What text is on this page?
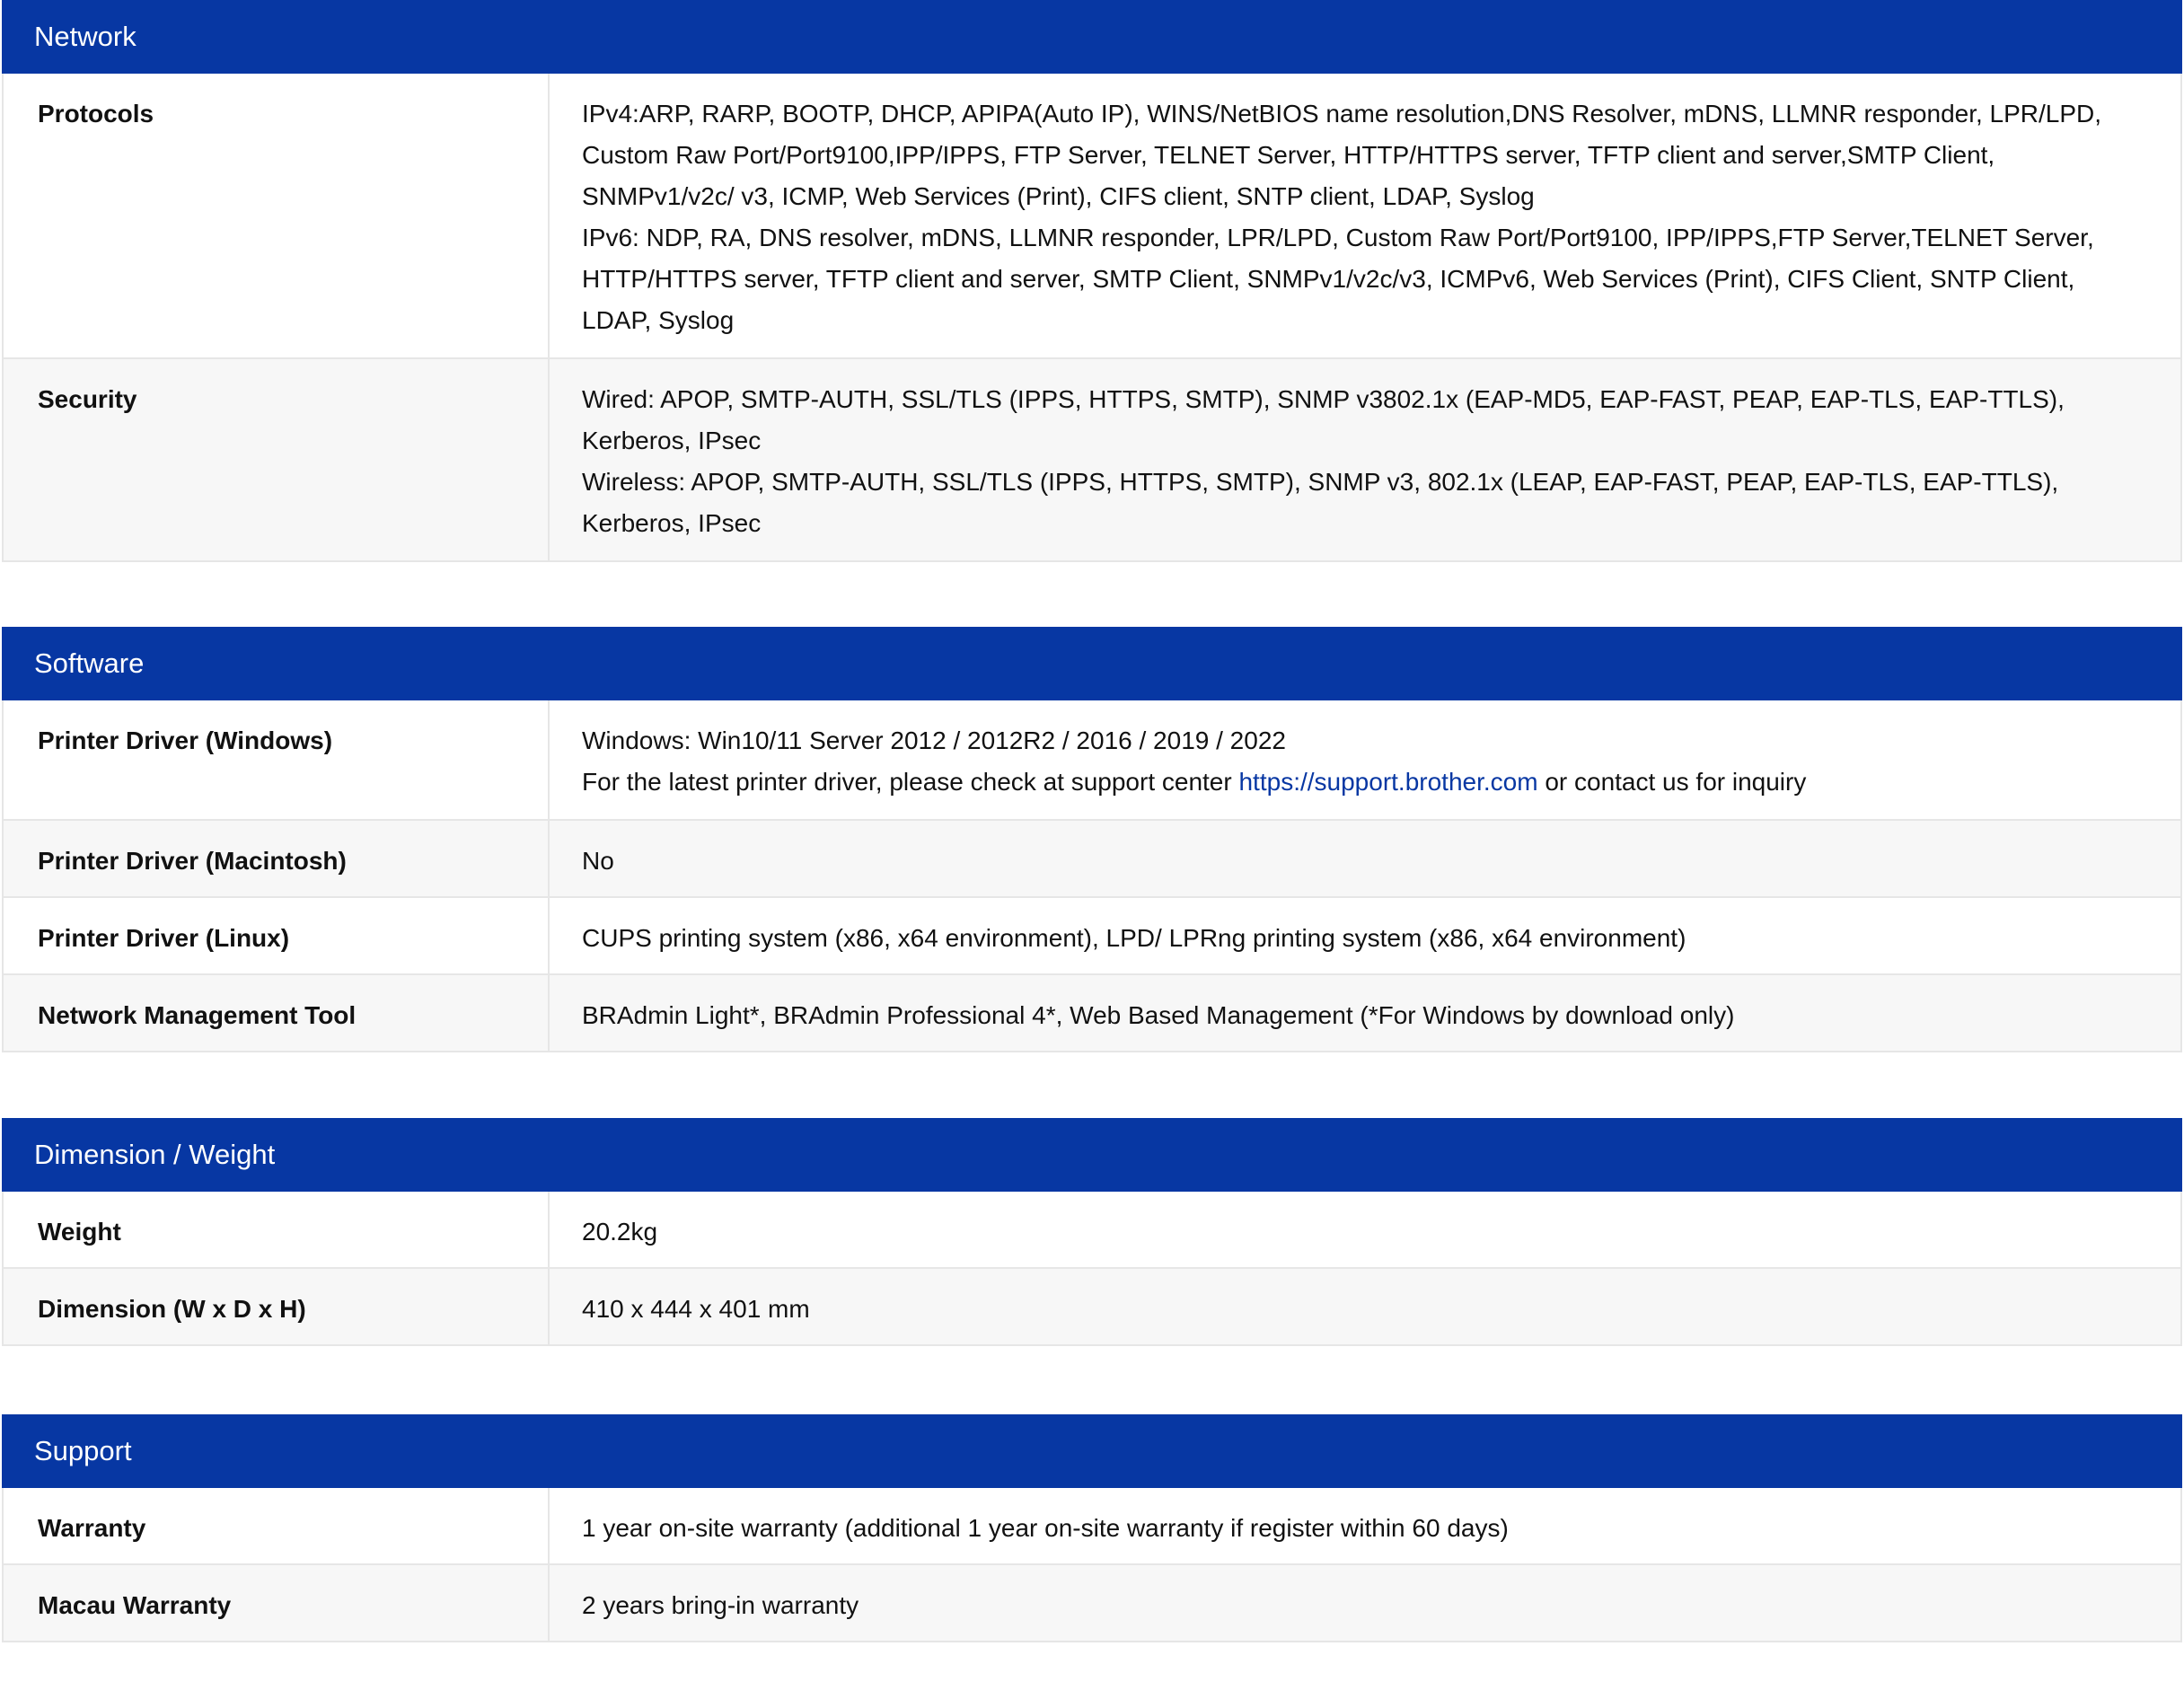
Network
Protocols	IPv4:ARP, RARP, BOOTP, DHCP, APIPA(Auto IP), WINS/NetBIOS name resolution,DNS Resolver, mDNS, LLMNR responder, LPR/LPD, Custom Raw Port/Port9100,IPP/IPPS, FTP Server, TELNET Server, HTTP/HTTPS server, TFTP client and server,SMTP Client, SNMPv1/v2c/ v3, ICMP, Web Services (Print), CIFS client, SNTP client, LDAP, Syslog

IPv6: NDP, RA, DNS resolver, mDNS, LLMNR responder, LPR/LPD, Custom Raw Port/Port9100, IPP/IPPS,FTP Server,TELNET Server, HTTP/HTTPS server, TFTP client and server, SMTP Client, SNMPv1/v2c/v3, ICMPv6, Web Services (Print), CIFS Client, SNTP Client, LDAP, Syslog

Security	Wired: APOP, SMTP-AUTH, SSL/TLS (IPPS, HTTPS, SMTP), SNMP v3802.1x (EAP-MD5, EAP-FAST, PEAP, EAP-TLS, EAP-TTLS), Kerberos, IPsec

Wireless: APOP, SMTP-AUTH, SSL/TLS (IPPS, HTTPS, SMTP), SNMP v3, 802.1x (LEAP, EAP-FAST, PEAP, EAP-TLS, EAP-TTLS), Kerberos, IPsec

Software
Printer Driver (Windows)	Windows: Win10/11 Server 2012 / 2012R2 / 2016 / 2019 / 2022

For the latest printer driver, please check at support center https://support.brother.com or contact us for inquiry

Printer Driver (Macintosh)	No
Printer Driver (Linux)	CUPS printing system (x86, x64 environment), LPD/ LPRng printing system (x86, x64 environment)
Network Management Tool	BRAdmin Light*, BRAdmin Professional 4*, Web Based Management (*For Windows by download only)
Dimension / Weight
Weight	20.2kg
Dimension (W x D x H)	410 x 444 x 401 mm
Support
Warranty	1 year on-site warranty (additional 1 year on-site warranty if register within 60 days)
Macau Warranty	2 years bring-in warranty
